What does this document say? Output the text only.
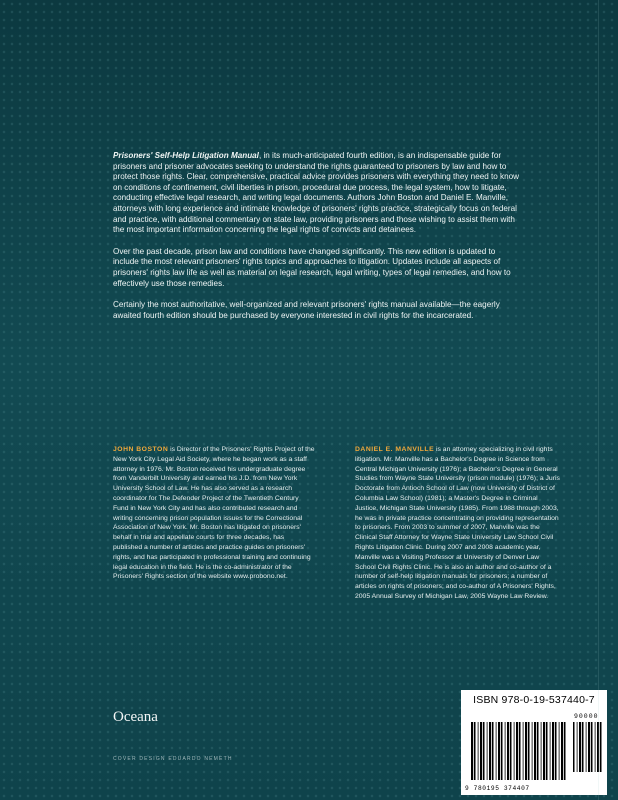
Prisoners' Self-Help Litigation Manual, in its much-anticipated fourth edition, is an indispensable guide for prisoners and prisoner advocates seeking to understand the rights guaranteed to prisoners by law and how to protect those rights. Clear, comprehensive, practical advice provides prisoners with everything they need to know on conditions of confinement, civil liberties in prison, procedural due process, the legal system, how to litigate, conducting effective legal research, and writing legal documents. Authors John Boston and Daniel E. Manville, attorneys with long experience and intimate knowledge of prisoners' rights practice, strategically focus on federal and practice, with additional commentary on state law, providing prisoners and those wishing to assist them with the most important information concerning the legal rights of convicts and detainees.

Over the past decade, prison law and conditions have changed significantly. This new edition is updated to include the most relevant prisoners' rights topics and approaches to litigation. Updates include all aspects of prisoners' rights law life as well as material on legal research, legal writing, types of legal remedies, and how to effectively use those remedies.

Certainly the most authoritative, well-organized and relevant prisoners' rights manual available—the eagerly awaited fourth edition should be purchased by everyone interested in civil rights for the incarcerated.

JOHN BOSTON is Director of the Prisoners' Rights Project of the New York City Legal Aid Society, where he began work as a staff attorney in 1976. Mr. Boston received his undergraduate degree from Vanderbilt University and earned his J.D. from New York University School of Law. He has also served as a research coordinator for The Defender Project of the Twentieth Century Fund in New York City and has also contributed research and writing concerning prison population issues for the Correctional Association of New York. Mr. Boston has litigated on prisoners' behalf in trial and appellate courts for three decades, has published a number of articles and practice guides on prisoners' rights, and has participated in professional training and continuing legal education in the field. He is the co-administrator of the Prisoners' Rights section of the website www.probono.net.
DANIEL E. MANVILLE is an attorney specializing in civil rights litigation. Mr. Manville has a Bachelor's Degree in Science from Central Michigan University (1976); a Bachelor's Degree in General Studies from Wayne State University (prison module) (1976); a Juris Doctorate from Antioch School of Law (now University of District of Columbia Law School) (1981); a Master's Degree in Criminal Justice, Michigan State University (1985). From 1988 through 2003, he was in private practice concentrating on providing representation to prisoners. From 2003 to summer of 2007, Manville was the Clinical Staff Attorney for Wayne State University Law School Civil Rights Litigation Clinic. During 2007 and 2008 academic year, Manville was a Visiting Professor at University of Denver Law School Civil Rights Clinic. He is also an author and co-author of a number of self-help litigation manuals for prisoners; a number of articles on rights of prisoners; and co-author of A Prisoners' Rights, 2005 Annual Survey of Michigan Law, 2005 Wayne Law Review.
Oceana
COVER DESIGN EDUARDO NEMETH
ISBN 978-0-19-537440-7
90000
9 780195 374407
